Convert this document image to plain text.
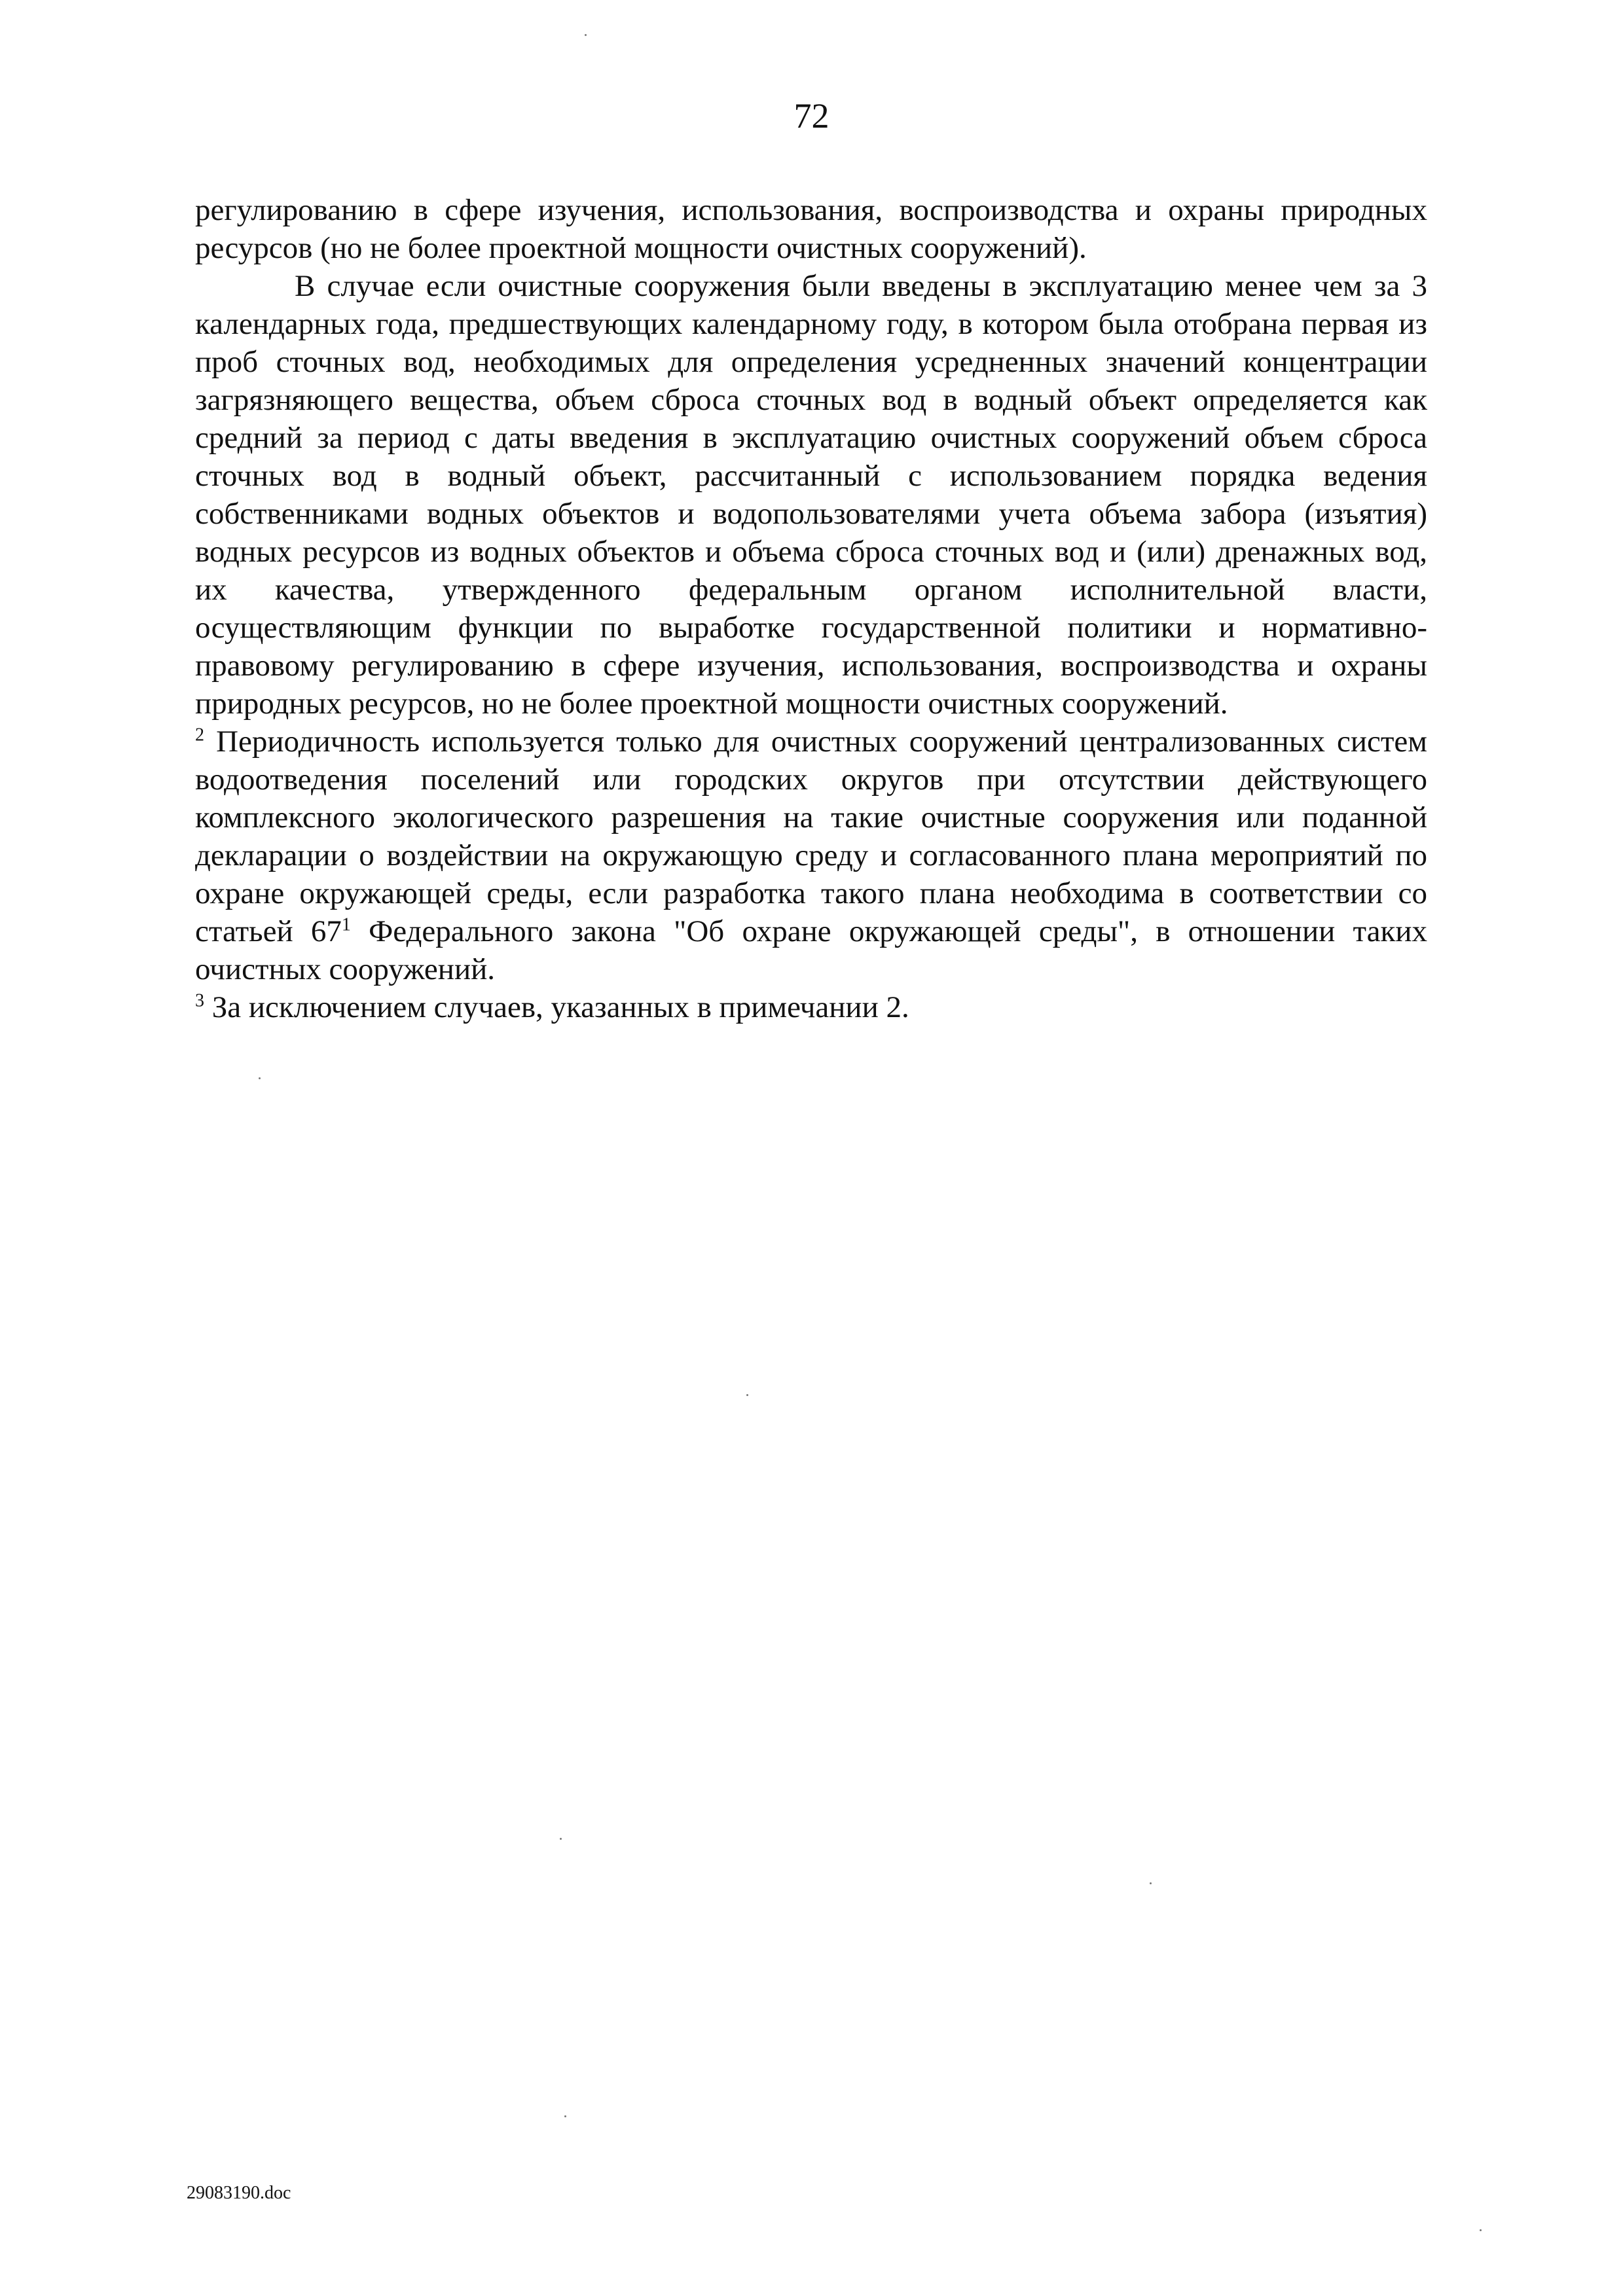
72

регулированию в сфере изучения, использования, воспроизводства и охраны природных ресурсов (но не более проектной мощности очистных сооружений).

В случае если очистные сооружения были введены в эксплуатацию менее чем за 3 календарных года, предшествующих календарному году, в котором была отобрана первая из проб сточных вод, необходимых для определения усредненных значений концентрации загрязняющего вещества, объем сброса сточных вод в водный объект определяется как средний за период с даты введения в эксплуатацию очистных сооружений объем сброса сточных вод в водный объект, рассчитанный с использованием порядка ведения собственниками водных объектов и водопользователями учета объема забора (изъятия) водных ресурсов из водных объектов и объема сброса сточных вод и (или) дренажных вод, их качества, утвержденного федеральным органом исполнительной власти, осуществляющим функции по выработке государственной политики и нормативно-правовому регулированию в сфере изучения, использования, воспроизводства и охраны природных ресурсов, но не более проектной мощности очистных сооружений.

$^2$ Периодичность используется только для очистных сооружений централизованных систем водоотведения поселений или городских округов при отсутствии действующего комплексного экологического разрешения на такие очистные сооружения или поданной декларации о воздействии на окружающую среду и согласованного плана мероприятий по охране окружающей среды, если разработка такого плана необходима в соответствии со статьей $67^1$ Федерального закона "Об охране окружающей среды", в отношении таких очистных сооружений.

$^3$ За исключением случаев, указанных в примечании 2.

29083190.doc
